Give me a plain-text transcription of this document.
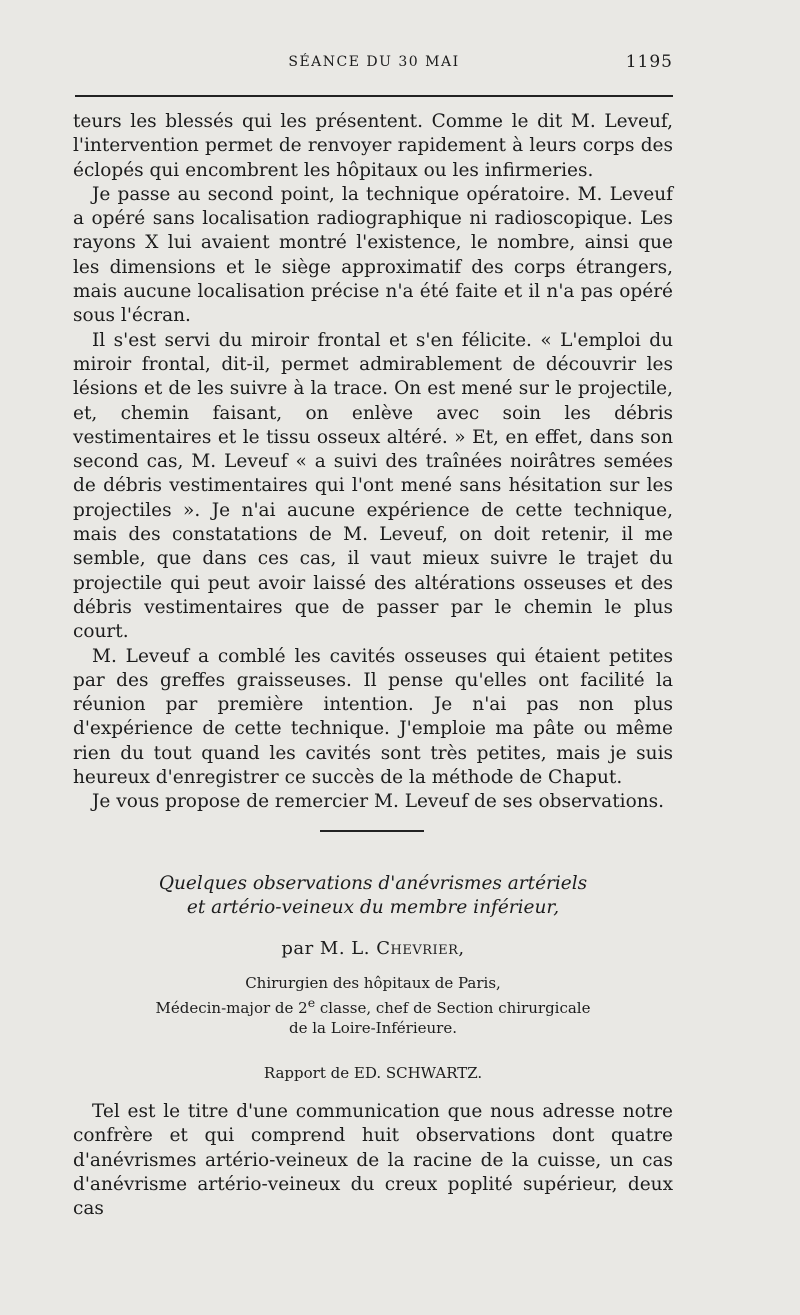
SÉANCE DU 30 MAI	1195

teurs les blessés qui les présentent. Comme le dit M. Leveuf, l'intervention permet de renvoyer rapidement à leurs corps des éclopés qui encombrent les hôpitaux ou les infirmeries.

Je passe au second point, la technique opératoire. M. Leveuf a opéré sans localisation radiographique ni radioscopique. Les rayons X lui avaient montré l'existence, le nombre, ainsi que les dimensions et le siège approximatif des corps étrangers, mais aucune localisation précise n'a été faite et il n'a pas opéré sous l'écran.

Il s'est servi du miroir frontal et s'en félicite. « L'emploi du miroir frontal, dit-il, permet admirablement de découvrir les lésions et de les suivre à la trace. On est mené sur le projectile, et, chemin faisant, on enlève avec soin les débris vestimentaires et le tissu osseux altéré. » Et, en effet, dans son second cas, M. Leveuf « a suivi des traînées noirâtres semées de débris vestimentaires qui l'ont mené sans hésitation sur les projectiles ». Je n'ai aucune expérience de cette technique, mais des constatations de M. Leveuf, on doit retenir, il me semble, que dans ces cas, il vaut mieux suivre le trajet du projectile qui peut avoir laissé des altérations osseuses et des débris vestimentaires que de passer par le chemin le plus court.

M. Leveuf a comblé les cavités osseuses qui étaient petites par des greffes graisseuses. Il pense qu'elles ont facilité la réunion par première intention. Je n'ai pas non plus d'expérience de cette technique. J'emploie ma pâte ou même rien du tout quand les cavités sont très petites, mais je suis heureux d'enregistrer ce succès de la méthode de Chaput.

Je vous propose de remercier M. Leveuf de ses observations.

Quelques observations d'anévrismes artériels

et artério-veineux du membre inférieur,

par M. L. Chevrier,

Chirurgien des hôpitaux de Paris,

Médecin-major de 2e classe, chef de Section chirurgicale

de la Loire-Inférieure.

Rapport de ED. SCHWARTZ.

Tel est le titre d'une communication que nous adresse notre confrère et qui comprend huit observations dont quatre d'anévrismes artério-veineux de la racine de la cuisse, un cas d'anévrisme artério-veineux du creux poplité supérieur, deux cas
